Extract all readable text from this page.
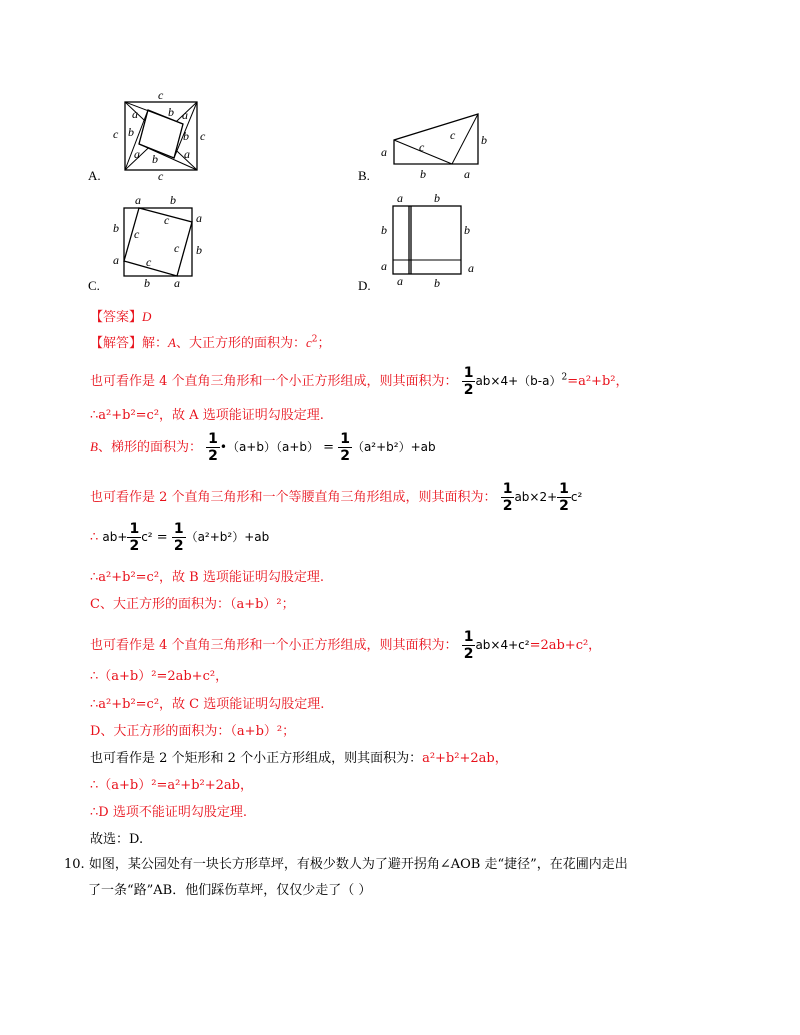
c
c
c	c
a	a
b	b
a	a
b
b
A.
a
b
c
c
b	a
B.
a b
a
b
b
a
b a
c
c
c
c
C.
a	b
b	b
a	a
a	b
D.
【答案】D
【解答】解：A、大正方形的面积为：$c^2$；
也可看作是 4 个直角三角形和一个小正方形组成，则其面积为： $\frac{1}{2} ab\times 4+(b-a)^2=a^2+b^2$，
∴a²+b²=c²，故 A 选项能证明勾股定理.
B、梯形的面积为： $\frac{1}{2}$ •（a+b）（a+b） = $\frac{1}{2} (a^2+b^2)+ab$
也可看作是 2 个直角三角形和一个等腰直角三角形组成，则其面积为： $\frac{1}{2} ab\times 2+ \frac{1}{2} c^2$
∴ $ab+ \frac{1}{2} c^2 = \frac{1}{2} (a^2+b^2)+ab$
∴a²+b²=c²，故 B 选项能证明勾股定理.
C、大正方形的面积为：（a+b）²；
也可看作是 4 个直角三角形和一个小正方形组成，则其面积为： $\frac{1}{2} ab\times 4+c^2=2ab+c^2$，
∴（a+b）²=2ab+c²，
∴a²+b²=c²，故 C 选项能证明勾股定理.
D、大正方形的面积为：（a+b）²；
也可看作是 2 个矩形和 2 个小正方形组成，则其面积为：a²+b²+2ab，
∴（a+b）²=a²+b²+2ab，
∴D 选项不能证明勾股定理.
故选：D.
10. 如图，某公园处有一块长方形草坪，有极少数人为了避开拐角∠AOB 走“捷径”，在花圃内走出
了一条“路”AB．他们踩伤草坪，仅仅少走了（ ）
